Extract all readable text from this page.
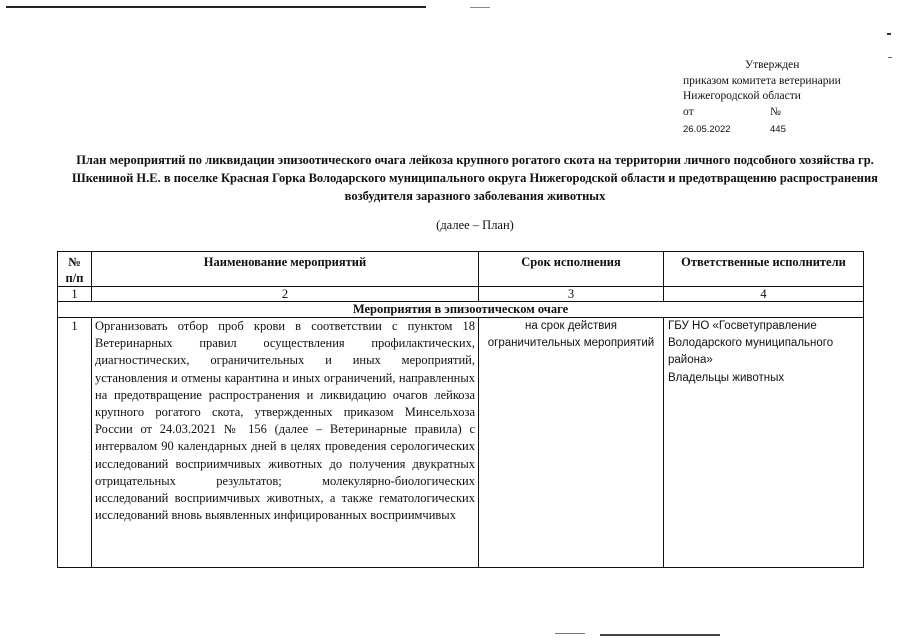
Утвержден
приказом комитета ветеринарии
Нижегородской области
от	№
26.05.2022	445
План мероприятий по ликвидации эпизоотического очага лейкоза крупного рогатого скота на территории личного подсобного хозяйства гр. Шкениной Н.Е. в поселке Красная Горка Володарского муниципального округа Нижегородской области и предотвращению распространения возбудителя заразного заболевания животных
(далее – План)
№ п/п	Наименование мероприятий	Срок исполнения	Ответственные исполнители
1	2	3	4
Мероприятия в эпизоотическом очаге			
1	Организовать отбор проб крови в соответствии с пунктом 18 Ветеринарных правил осуществления профилактических, диагностических, ограничительных и иных мероприятий, установления и отмены карантина и иных ограничений, направленных на предотвращение распространения и ликвидацию очагов лейкоза крупного рогатого скота, утвержденных приказом Минсельхоза России от 24.03.2021 № 156 (далее – Ветеринарные правила) с интервалом 90 календарных дней в целях проведения серологических исследований восприимчивых животных до получения двукратных отрицательных результатов; молекулярно-биологических исследований восприимчивых животных, а также гематологических исследований вновь выявленных инфицированных восприимчивых	на срок действия ограничительных мероприятий	ГБУ НО «Госветуправление Володарского муниципального района»
Владельцы животных
